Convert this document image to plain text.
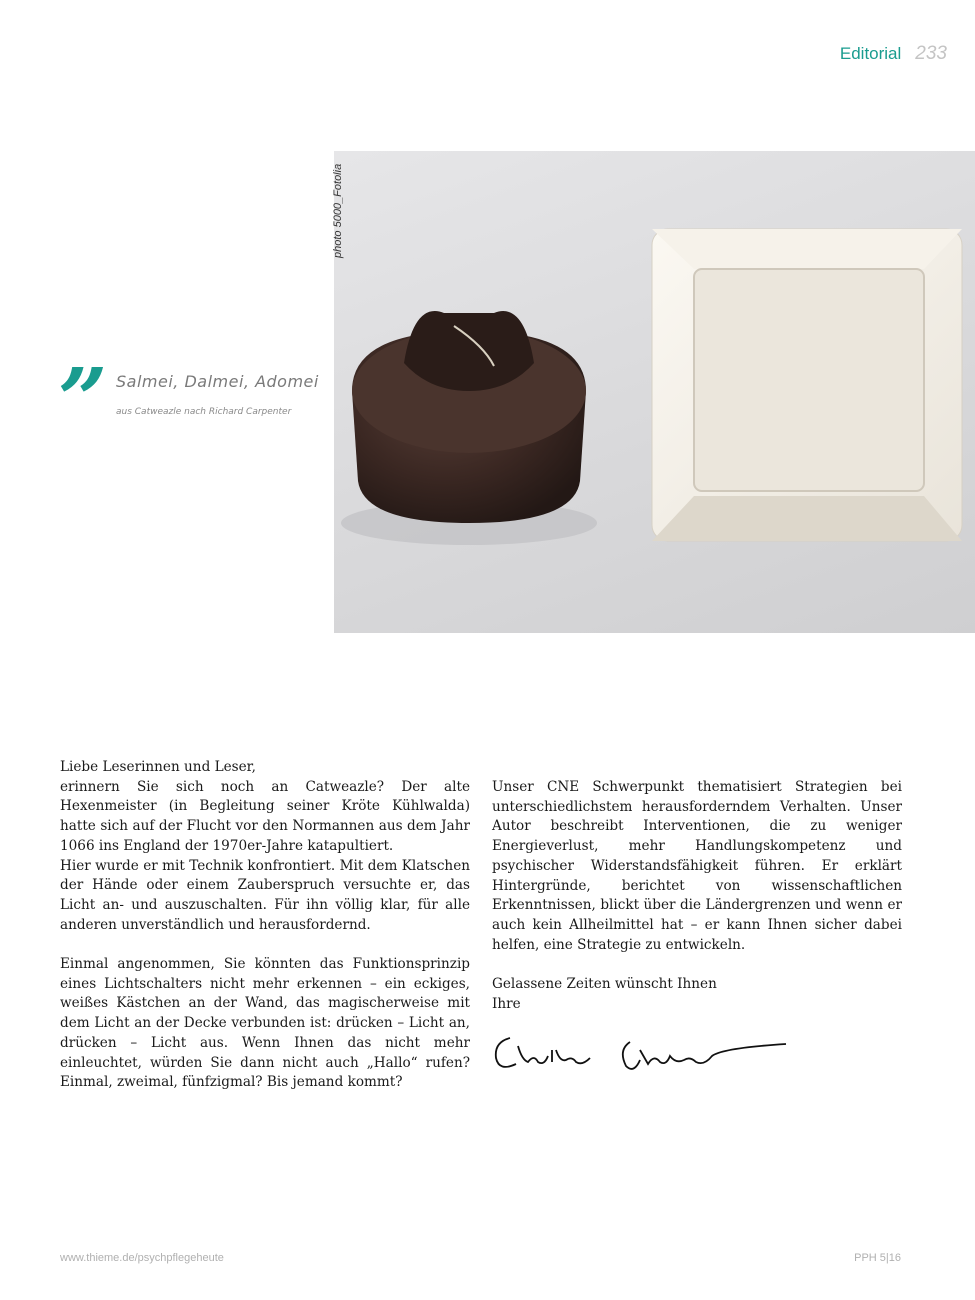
Editorial 233
photo 5000_Fotolia
” Salmei, Dalmei, Adomei
aus Catweazle nach Richard Carpenter

Liebe Leserinnen und Leser,

erinnern Sie sich noch an Catweazle? Der alte Hexenmeister (in Begleitung seiner Kröte Kühlwalda) hatte sich auf der Flucht vor den Normannen aus dem Jahr 1066 ins England der 1970er-Jahre katapultiert.

Hier wurde er mit Technik konfrontiert. Mit dem Klatschen der Hände oder einem Zauberspruch versuchte er, das Licht an- und auszuschalten. Für ihn völlig klar, für alle anderen unverständlich und herausfordernd.

Einmal angenommen, Sie könnten das Funktionsprinzip eines Lichtschalters nicht mehr erkennen – ein eckiges, weißes Kästchen an der Wand, das magischerweise mit dem Licht an der Decke verbunden ist: drücken – Licht an, drücken – Licht aus. Wenn Ihnen das nicht mehr einleuchtet, würden Sie dann nicht auch „Hallo“ rufen? Einmal, zweimal, fünfzigmal? Bis jemand kommt?

Unser CNE Schwerpunkt thematisiert Strategien bei unterschiedlichstem herausforderndem Verhalten. Unser Autor beschreibt Interventionen, die zu weniger Energieverlust, mehr Handlungskompetenz und psychischer Widerstandsfähigkeit führen. Er erklärt Hintergründe, berichtet von wissenschaftlichen Erkenntnissen, blickt über die Ländergrenzen und wenn er auch kein Allheilmittel hat – er kann Ihnen sicher dabei helfen, eine Strategie zu entwickeln.

Gelassene Zeiten wünscht Ihnen

Ihre

www.thieme.de/psychpflegeheute	PPH 5|16
